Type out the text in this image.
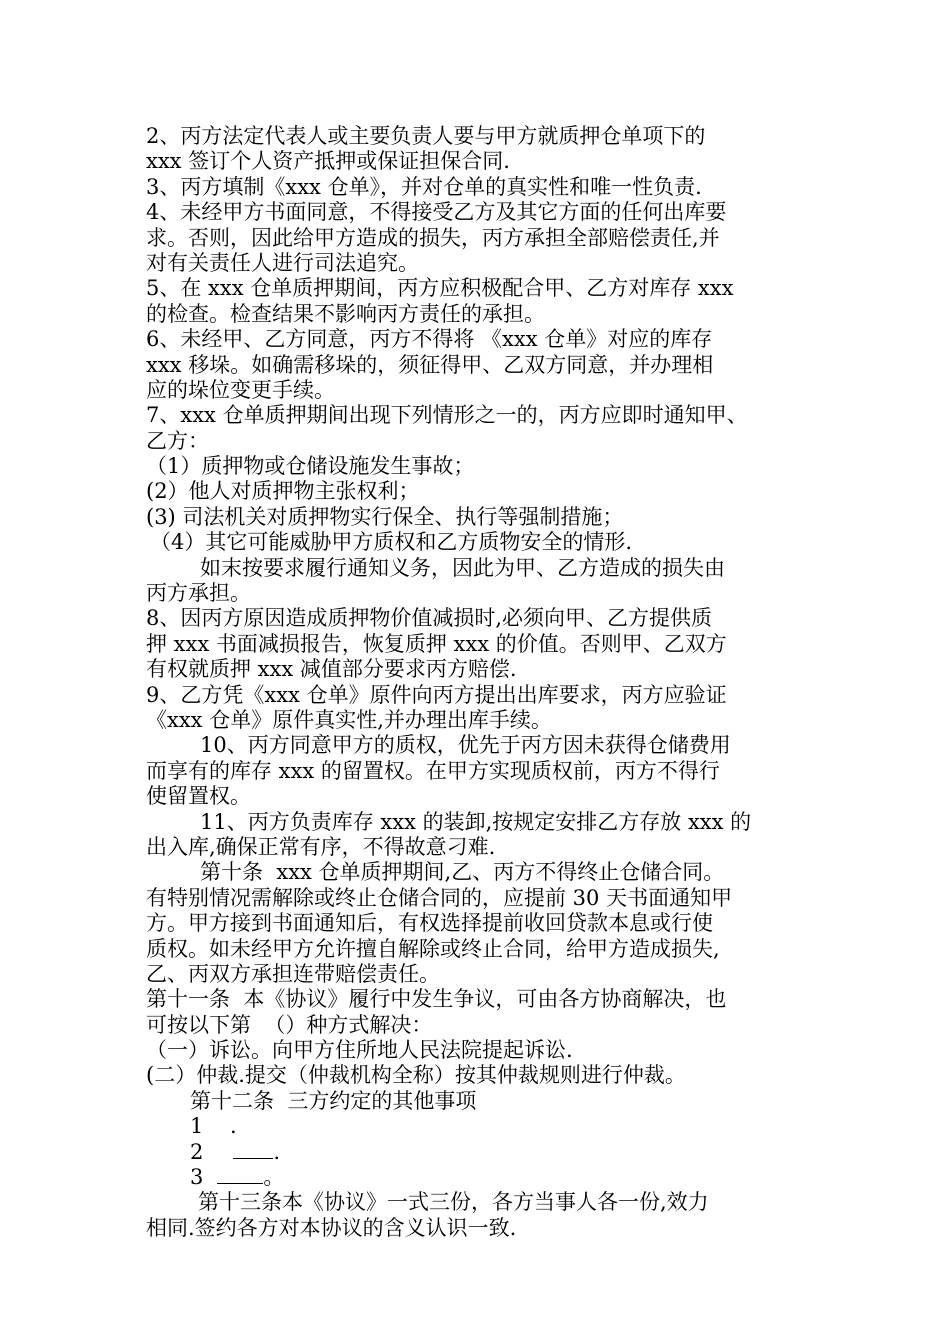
2、丙方法定代表人或主要负责人要与甲方就质押仓单项下的
xxx 签订个人资产抵押或保证担保合同.
3、丙方填制《xxx 仓单》，并对仓单的真实性和唯一性负责.
4、未经甲方书面同意，不得接受乙方及其它方面的任何出库要
求。否则，因此给甲方造成的损失，丙方承担全部赔偿责任,并
对有关责任人进行司法追究。
5、在 xxx 仓单质押期间，丙方应积极配合甲、乙方对库存 xxx
的检查。检查结果不影响丙方责任的承担。
6、未经甲、乙方同意，丙方不得将 《xxx 仓单》对应的库存
xxx 移垛。如确需移垛的，须征得甲、乙双方同意，并办理相
应的垛位变更手续。
7、xxx 仓单质押期间出现下列情形之一的，丙方应即时通知甲、
乙方：
（1）质押物或仓储设施发生事故；
(2）他人对质押物主张权利；
(3) 司法机关对质押物实行保全、执行等强制措施；
（4）其它可能威胁甲方质权和乙方质物安全的情形.
如末按要求履行通知义务，因此为甲、乙方造成的损失由
丙方承担。
8、因丙方原因造成质押物价值减损时,必须向甲、乙方提供质
押 xxx 书面减损报告，恢复质押 xxx 的价值。否则甲、乙双方
有权就质押 xxx 减值部分要求丙方赔偿.
9、乙方凭《xxx 仓单》原件向丙方提出出库要求，丙方应验证
《xxx 仓单》原件真实性,并办理出库手续。
10、丙方同意甲方的质权，优先于丙方因未获得仓储费用
而享有的库存 xxx 的留置权。在甲方实现质权前，丙方不得行
使留置权。
11、丙方负责库存 xxx 的装卸,按规定安排乙方存放 xxx 的
出入库,确保正常有序，不得故意刁难.
第十条  xxx 仓单质押期间,乙、丙方不得终止仓储合同。
有特别情况需解除或终止仓储合同的，应提前 30 天书面通知甲
方。甲方接到书面通知后，有权选择提前收回贷款本息或行使
质权。如未经甲方允许擅自解除或终止合同，给甲方造成损失,
乙、丙双方承担连带赔偿责任。
第十一条  本《协议》履行中发生争议，可由各方协商解决，也
可按以下第  （）种方式解决：
（一）诉讼。向甲方住所地人民法院提起诉讼.
(二）仲裁.提交（仲裁机构全称）按其仲裁规则进行仲裁。
第十二条  三方约定的其他事项
1    .
2	.
3	。
第十三条本《协议》一式三份，各方当事人各一份,效力
相同.签约各方对本协议的含义认识一致.
